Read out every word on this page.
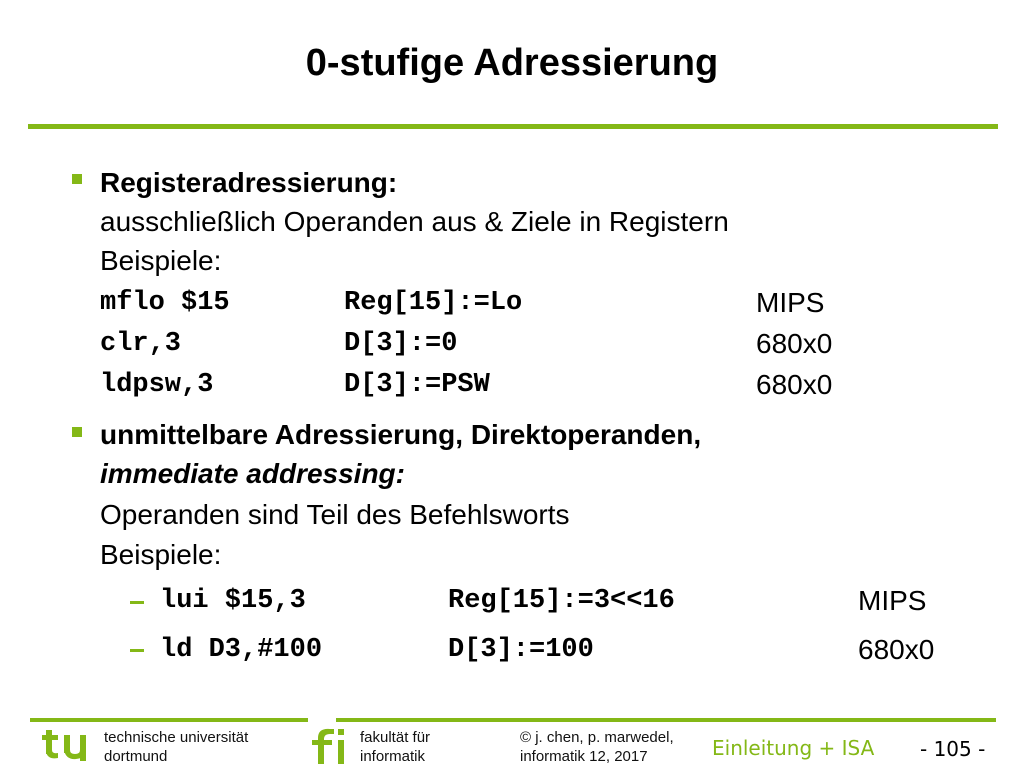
0-stufige Adressierung
Registeradressierung:
ausschließlich Operanden aus & Ziele in Registern
Beispiele:
mflo $15	Reg[15]:=Lo	MIPS
clr,3	D[3]:=0	680x0
ldpsw,3	D[3]:=PSW	680x0
unmittelbare Adressierung, Direktoperanden,
immediate addressing:
Operanden sind Teil des Befehlsworts
Beispiele:
lui $15,3	Reg[15]:=3<<16	MIPS
ld D3,#100	D[3]:=100	680x0
technische universität
dortmund
fakultät für
informatik
© j. chen, p. marwedel,
informatik 12, 2017	Einleitung + ISA - 105 -
